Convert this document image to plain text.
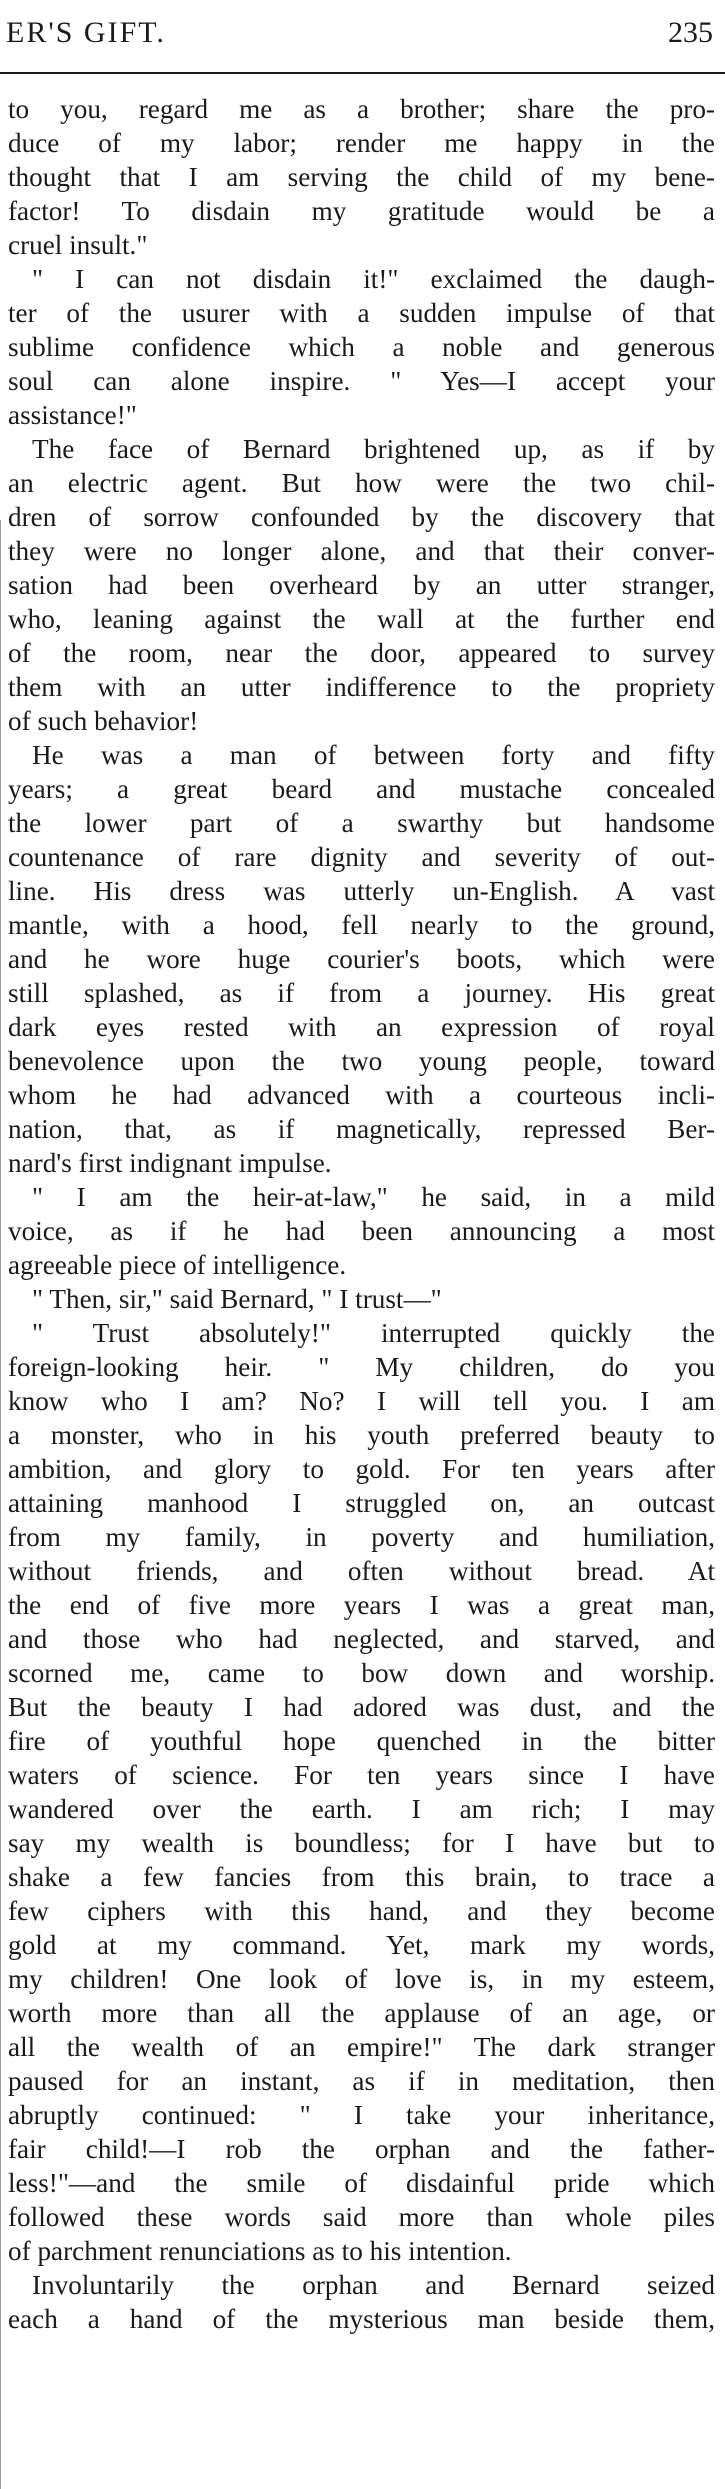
ER'S GIFT.	235
to you, regard me as a brother; share the pro-
duce of my labor; render me happy in the
thought that I am serving the child of my bene-
factor! To disdain my gratitude would be a
cruel insult."
" I can not disdain it!" exclaimed the daugh-
ter of the usurer with a sudden impulse of that
sublime confidence which a noble and generous
soul can alone inspire. " Yes—I accept your
assistance!"
The face of Bernard brightened up, as if by
an electric agent. But how were the two chil-
dren of sorrow confounded by the discovery that
they were no longer alone, and that their conver-
sation had been overheard by an utter stranger,
who, leaning against the wall at the further end
of the room, near the door, appeared to survey
them with an utter indifference to the propriety
of such behavior!
He was a man of between forty and fifty
years; a great beard and mustache concealed
the lower part of a swarthy but handsome
countenance of rare dignity and severity of out-
line. His dress was utterly un-English. A vast
mantle, with a hood, fell nearly to the ground,
and he wore huge courier's boots, which were
still splashed, as if from a journey. His great
dark eyes rested with an expression of royal
benevolence upon the two young people, toward
whom he had advanced with a courteous incli-
nation, that, as if magnetically, repressed Ber-
nard's first indignant impulse.
" I am the heir-at-law," he said, in a mild
voice, as if he had been announcing a most
agreeable piece of intelligence.
" Then, sir," said Bernard, " I trust—"
" Trust absolutely!" interrupted quickly the
foreign-looking heir. " My children, do you
know who I am? No? I will tell you. I am
a monster, who in his youth preferred beauty to
ambition, and glory to gold. For ten years after
attaining manhood I struggled on, an outcast
from my family, in poverty and humiliation,
without friends, and often without bread. At
the end of five more years I was a great man,
and those who had neglected, and starved, and
scorned me, came to bow down and worship.
But the beauty I had adored was dust, and the
fire of youthful hope quenched in the bitter
waters of science. For ten years since I have
wandered over the earth. I am rich; I may
say my wealth is boundless; for I have but to
shake a few fancies from this brain, to trace a
few ciphers with this hand, and they become
gold at my command. Yet, mark my words,
my children! One look of love is, in my esteem,
worth more than all the applause of an age, or
all the wealth of an empire!" The dark stranger
paused for an instant, as if in meditation, then
abruptly continued: " I take your inheritance,
fair child!—I rob the orphan and the father-
less!"—and the smile of disdainful pride which
followed these words said more than whole piles
of parchment renunciations as to his intention.
Involuntarily the orphan and Bernard seized
each a hand of the mysterious man beside them,
